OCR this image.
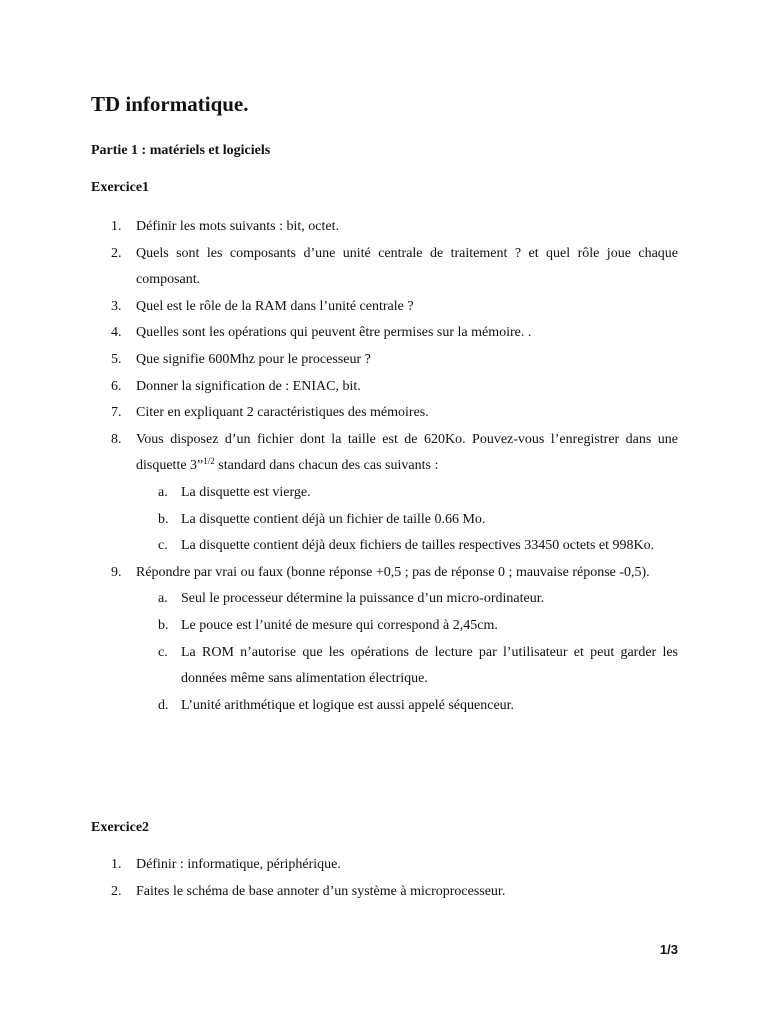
TD informatique.
Partie 1 : matériels et logiciels
Exercice1
1. Définir les mots suivants : bit, octet.
2. Quels sont les composants d’une unité centrale de traitement ? et quel rôle joue chaque composant.
3. Quel est le rôle de la RAM dans l’unité centrale ?
4. Quelles sont les opérations qui peuvent être permises sur la mémoire. .
5. Que signifie 600Mhz pour le processeur ?
6. Donner la signification de : ENIAC, bit.
7. Citer en expliquant 2 caractéristiques des mémoires.
8. Vous disposez d’un fichier dont la taille est de 620Ko. Pouvez-vous l’enregistrer dans une disquette 3”$^{1/2}$ standard dans chacun des cas suivants :
a. La disquette est vierge.
b. La disquette contient déjà un fichier de taille 0.66 Mo.
c. La disquette contient déjà deux fichiers de tailles respectives 33450 octets et 998Ko.
9. Répondre par vrai ou faux (bonne réponse +0,5 ; pas de réponse 0 ; mauvaise réponse -0,5).
a. Seul le processeur détermine la puissance d’un micro-ordinateur.
b. Le pouce est l’unité de mesure qui correspond à 2,45cm.
c. La ROM n’autorise que les opérations de lecture par l’utilisateur et peut garder les données même sans alimentation électrique.
d. L’unité arithmétique et logique est aussi appelé séquenceur.
Exercice2
1. Définir : informatique, périphérique.
2. Faites le schéma de base annoter d’un système à microprocesseur.
1/3
